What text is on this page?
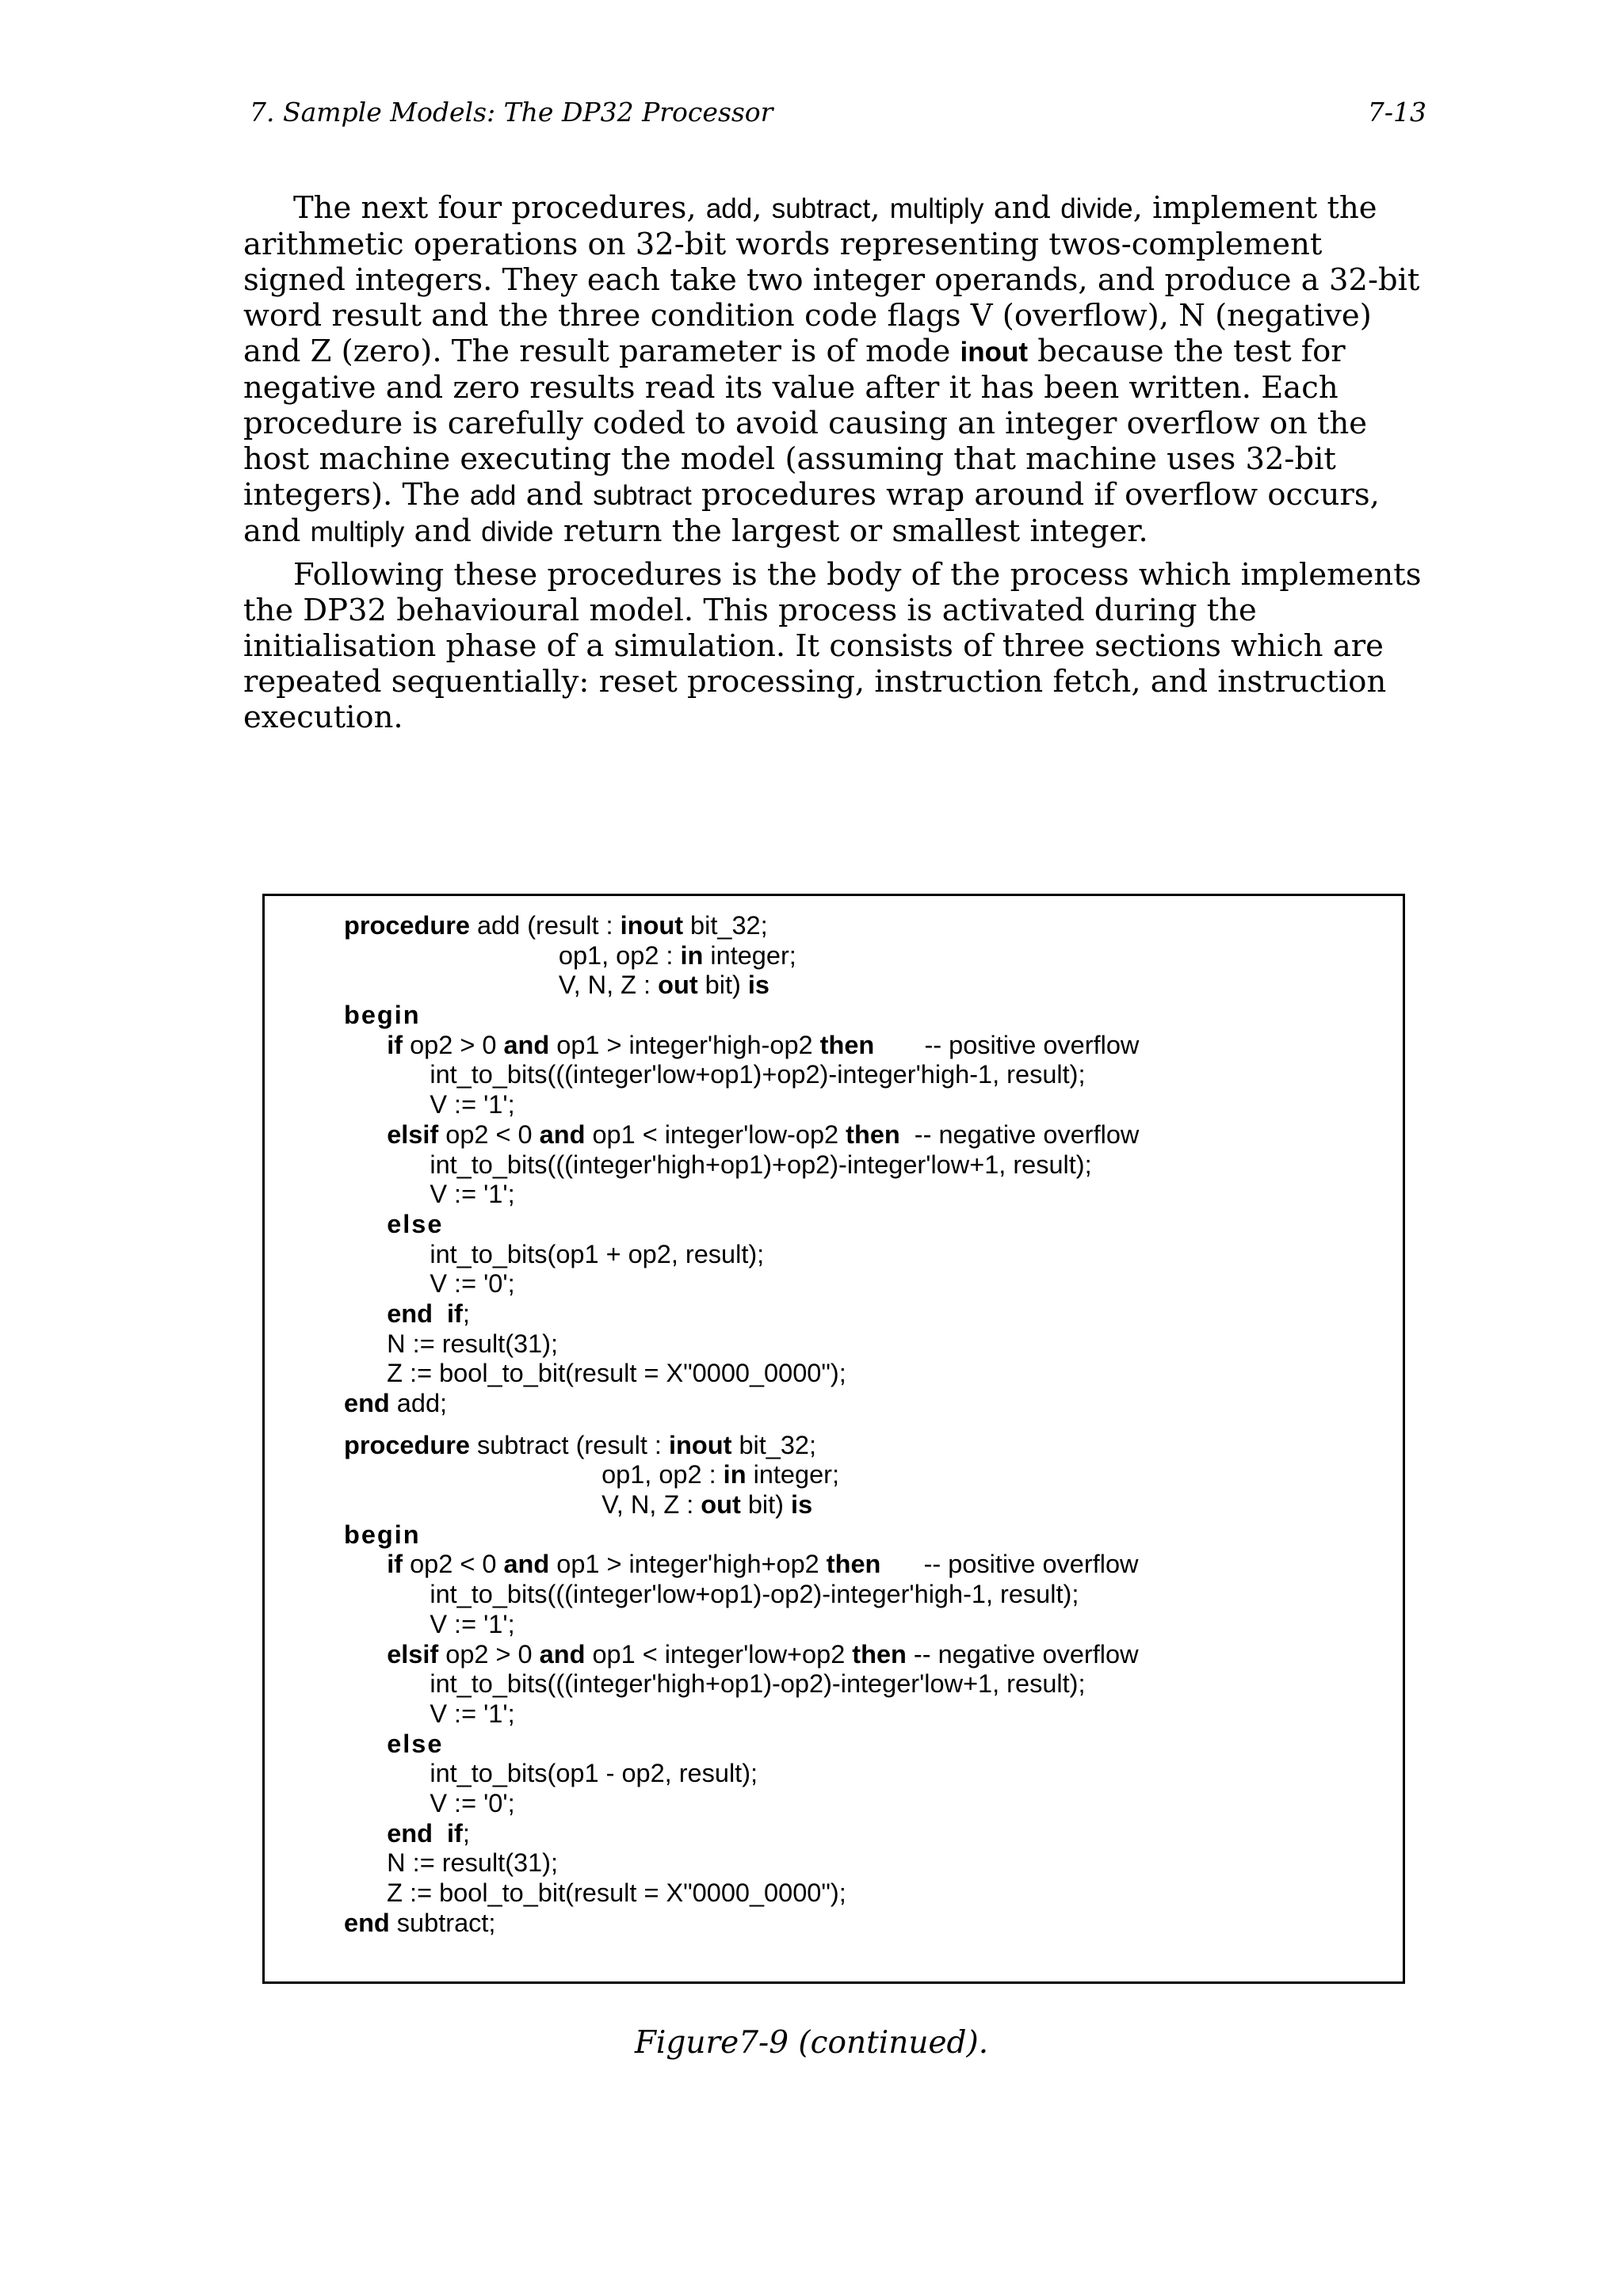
7. Sample Models: The DP32 Processor	7-13

The next four procedures, add, subtract, multiply and divide, implement the
arithmetic operations on 32-bit words representing twos-complement
signed integers. They each take two integer operands, and produce a 32-bit
word result and the three condition code flags V (overflow), N (negative)
and Z (zero). The result parameter is of mode inout because the test for
negative and zero results read its value after it has been written. Each
procedure is carefully coded to avoid causing an integer overflow on the
host machine executing the model (assuming that machine uses 32-bit
integers). The add and subtract procedures wrap around if overflow occurs,
and multiply and divide return the largest or smallest integer.

Following these procedures is the body of the process which implements
the DP32 behavioural model. This process is activated during the
initialisation phase of a simulation. It consists of three sections which are
repeated sequentially: reset processing, instruction fetch, and instruction
execution.

procedure add (result : inout bit_32;
op1, op2 : in integer;
V, N, Z : out bit) is
begin
if op2 > 0 and op1 > integer'high-op2 then       -- positive overflow
int_to_bits(((integer'low+op1)+op2)-integer'high-1, result);
V := '1';
elsif op2 < 0 and op1 < integer'low-op2 then  -- negative overflow
int_to_bits(((integer'high+op1)+op2)-integer'low+1, result);
V := '1';
else
int_to_bits(op1 + op2, result);
V := '0';
end  if;
N := result(31);
Z := bool_to_bit(result = X"0000_0000");
end add;
procedure subtract (result : inout bit_32;
op1, op2 : in integer;
V, N, Z : out bit) is
begin
if op2 < 0 and op1 > integer'high+op2 then      -- positive overflow
int_to_bits(((integer'low+op1)-op2)-integer'high-1, result);
V := '1';
elsif op2 > 0 and op1 < integer'low+op2 then -- negative overflow
int_to_bits(((integer'high+op1)-op2)-integer'low+1, result);
V := '1';
else
int_to_bits(op1 - op2, result);
V := '0';
end  if;
N := result(31);
Z := bool_to_bit(result = X"0000_0000");
end subtract;
Figure7-9 (continued).
